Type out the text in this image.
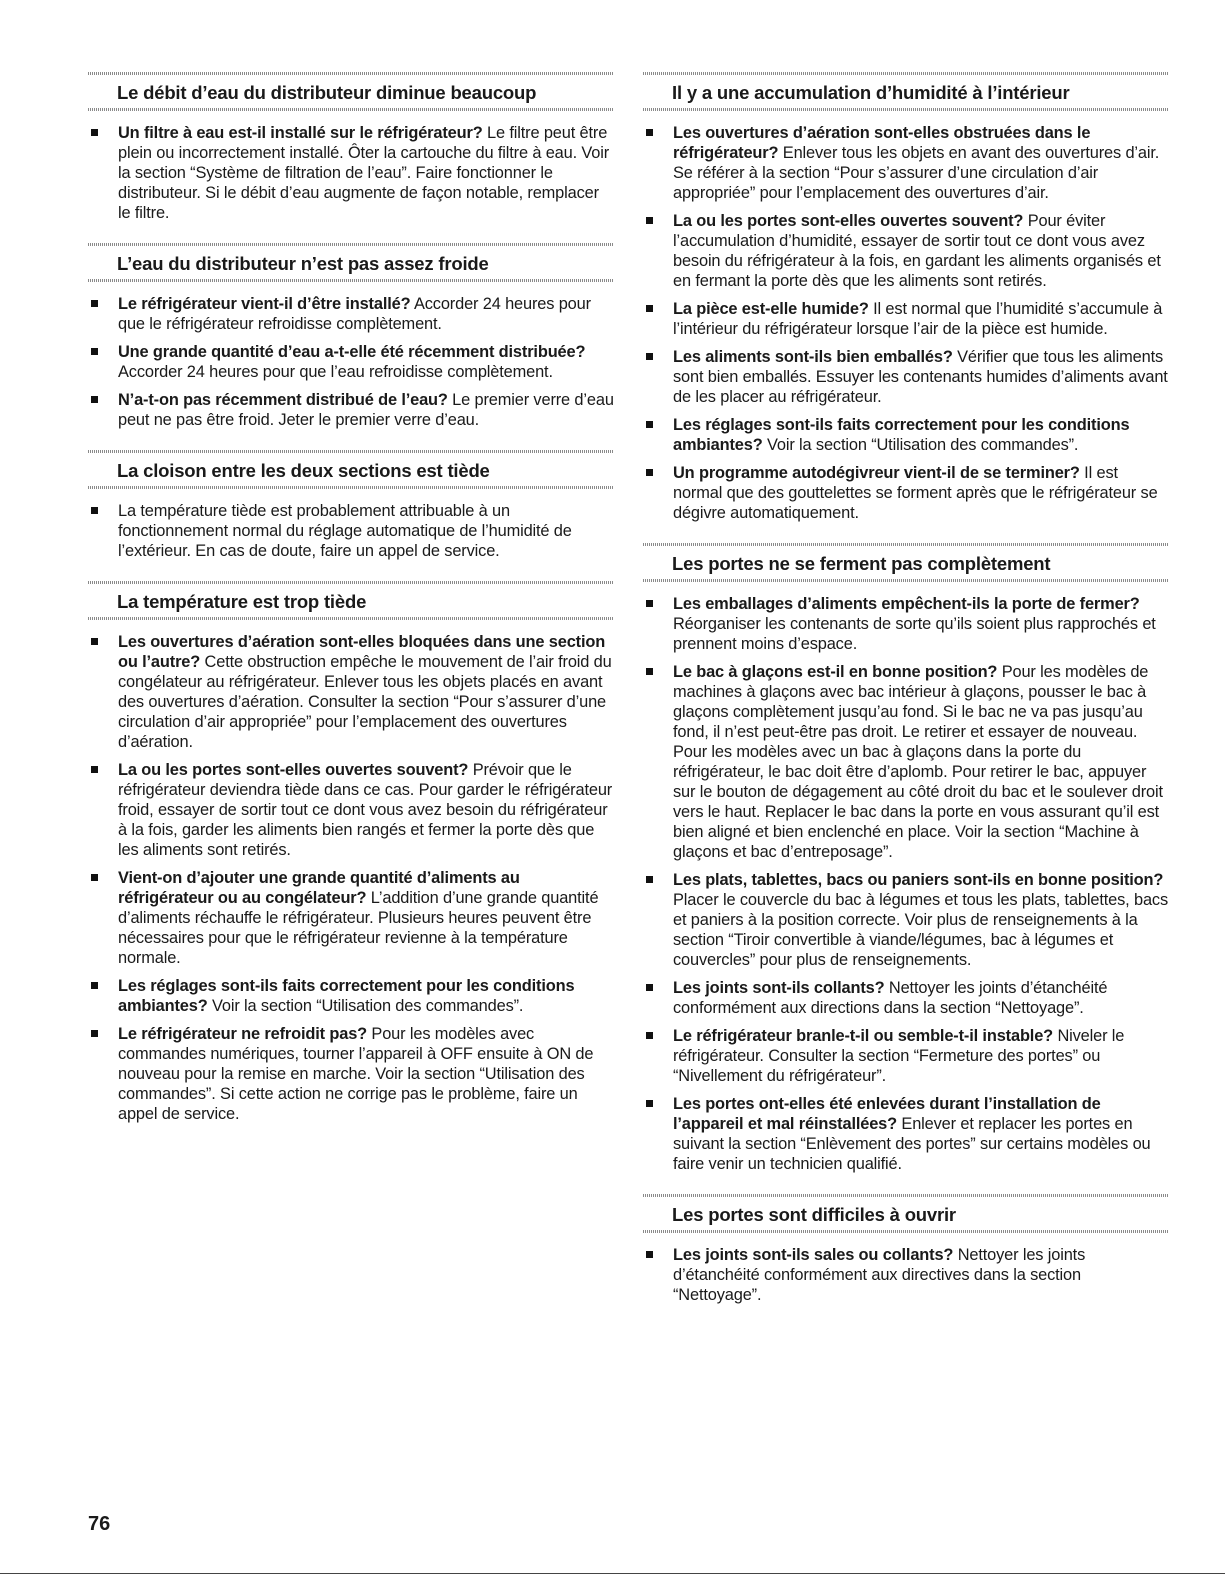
Le débit d’eau du distributeur diminue beaucoup
Un filtre à eau est-il installé sur le réfrigérateur? Le filtre peut être plein ou incorrectement installé. Ôter la cartouche du filtre à eau. Voir la section “Système de filtration de l’eau”. Faire fonctionner le distributeur. Si le débit d’eau augmente de façon notable, remplacer le filtre.
L’eau du distributeur n’est pas assez froide
Le réfrigérateur vient-il d’être installé? Accorder 24 heures pour que le réfrigérateur refroidisse complètement.
Une grande quantité d’eau a-t-elle été récemment distribuée? Accorder 24 heures pour que l’eau refroidisse complètement.
N’a-t-on pas récemment distribué de l’eau? Le premier verre d’eau peut ne pas être froid. Jeter le premier verre d’eau.
La cloison entre les deux sections est tiède
La température tiède est probablement attribuable à un fonctionnement normal du réglage automatique de l’humidité de l’extérieur. En cas de doute, faire un appel de service.
La température est trop tiède
Les ouvertures d’aération sont-elles bloquées dans une section ou l’autre? Cette obstruction empêche le mouvement de l’air froid du congélateur au réfrigérateur. Enlever tous les objets placés en avant des ouvertures d’aération. Consulter la section “Pour s’assurer d’une circulation d’air appropriée” pour l’emplacement des ouvertures d’aération.
La ou les portes sont-elles ouvertes souvent? Prévoir que le réfrigérateur deviendra tiède dans ce cas. Pour garder le réfrigérateur froid, essayer de sortir tout ce dont vous avez besoin du réfrigérateur à la fois, garder les aliments bien rangés et fermer la porte dès que les aliments sont retirés.
Vient-on d’ajouter une grande quantité d’aliments au réfrigérateur ou au congélateur? L’addition d’une grande quantité d’aliments réchauffe le réfrigérateur. Plusieurs heures peuvent être nécessaires pour que le réfrigérateur revienne à la température normale.
Les réglages sont-ils faits correctement pour les conditions ambiantes? Voir la section “Utilisation des commandes”.
Le réfrigérateur ne refroidit pas? Pour les modèles avec commandes numériques, tourner l’appareil à OFF ensuite à ON de nouveau pour la remise en marche. Voir la section “Utilisation des commandes”. Si cette action ne corrige pas le problème, faire un appel de service.
Il y a une accumulation d’humidité à l’intérieur
Les ouvertures d’aération sont-elles obstruées dans le réfrigérateur? Enlever tous les objets en avant des ouvertures d’air. Se référer à la section “Pour s’assurer d’une circulation d’air appropriée” pour l’emplacement des ouvertures d’air.
La ou les portes sont-elles ouvertes souvent? Pour éviter l’accumulation d’humidité, essayer de sortir tout ce dont vous avez besoin du réfrigérateur à la fois, en gardant les aliments organisés et en fermant la porte dès que les aliments sont retirés.
La pièce est-elle humide? Il est normal que l’humidité s’accumule à l’intérieur du réfrigérateur lorsque l’air de la pièce est humide.
Les aliments sont-ils bien emballés? Vérifier que tous les aliments sont bien emballés. Essuyer les contenants humides d’aliments avant de les placer au réfrigérateur.
Les réglages sont-ils faits correctement pour les conditions ambiantes? Voir la section “Utilisation des commandes”.
Un programme autodégivreur vient-il de se terminer? Il est normal que des gouttelettes se forment après que le réfrigérateur se dégivre automatiquement.
Les portes ne se ferment pas complètement
Les emballages d’aliments empêchent-ils la porte de fermer? Réorganiser les contenants de sorte qu’ils soient plus rapprochés et prennent moins d’espace.
Le bac à glaçons est-il en bonne position? Pour les modèles de machines à glaçons avec bac intérieur à glaçons, pousser le bac à glaçons complètement jusqu’au fond. Si le bac ne va pas jusqu’au fond, il n’est peut-être pas droit. Le retirer et essayer de nouveau. Pour les modèles avec un bac à glaçons dans la porte du réfrigérateur, le bac doit être d’aplomb. Pour retirer le bac, appuyer sur le bouton de dégagement au côté droit du bac et le soulever droit vers le haut. Replacer le bac dans la porte en vous assurant qu’il est bien aligné et bien enclenché en place. Voir la section “Machine à glaçons et bac d’entreposage”.
Les plats, tablettes, bacs ou paniers sont-ils en bonne position? Placer le couvercle du bac à légumes et tous les plats, tablettes, bacs et paniers à la position correcte. Voir plus de renseignements à la section “Tiroir convertible à viande/légumes, bac à légumes et couvercles” pour plus de renseignements.
Les joints sont-ils collants? Nettoyer les joints d’étanchéité conformément aux directions dans la section “Nettoyage”.
Le réfrigérateur branle-t-il ou semble-t-il instable? Niveler le réfrigérateur. Consulter la section “Fermeture des portes” ou “Nivellement du réfrigérateur”.
Les portes ont-elles été enlevées durant l’installation de l’appareil et mal réinstallées? Enlever et replacer les portes en suivant la section “Enlèvement des portes” sur certains modèles ou faire venir un technicien qualifié.
Les portes sont difficiles à ouvrir
Les joints sont-ils sales ou collants? Nettoyer les joints d’étanchéité conformément aux directives dans la section “Nettoyage”.
76
